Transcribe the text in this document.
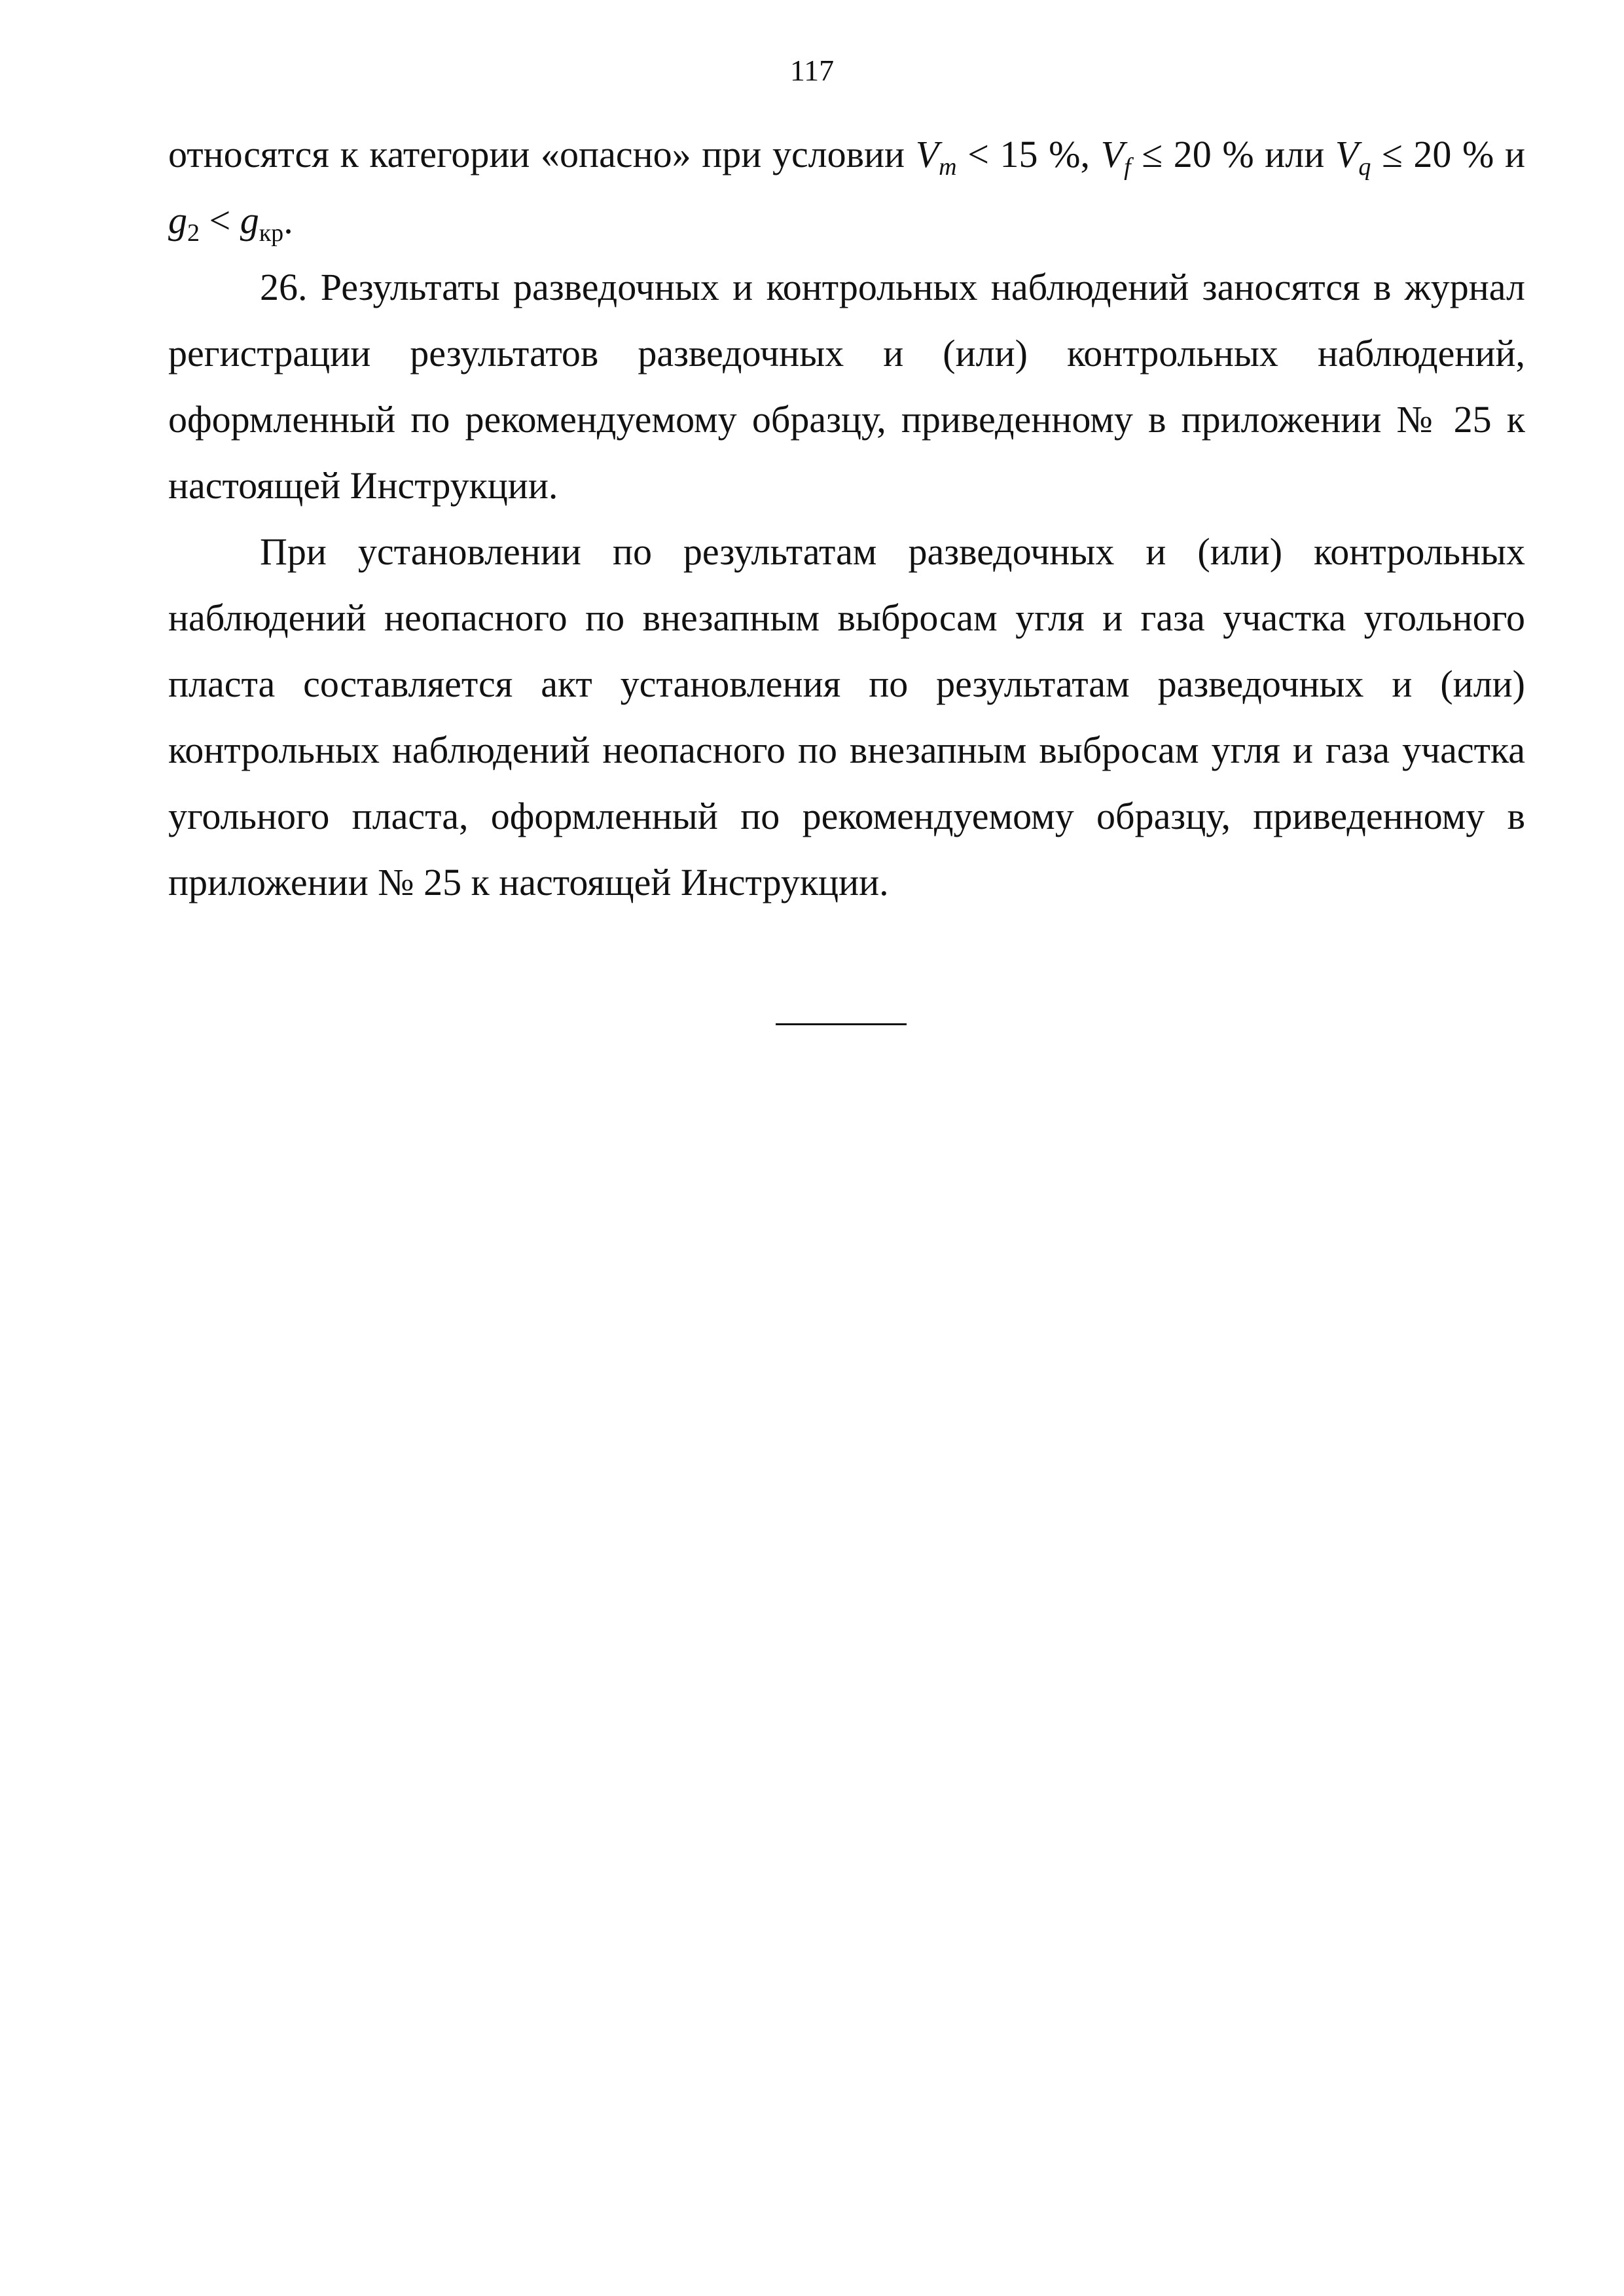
117

относятся к категории «опасно» при условии $V_m < 15$ %, $V_f \le 20$ % или $V_q \le 20$ % и $g_2 < g_{кр}$.

26. Результаты разведочных и контрольных наблюдений заносятся в журнал регистрации результатов разведочных и (или) контрольных наблюдений, оформленный по рекомендуемому образцу, приведенному в приложении № 25 к настоящей Инструкции.

При установлении по результатам разведочных и (или) контрольных наблюдений неопасного по внезапным выбросам угля и газа участка угольного пласта составляется акт установления по результатам разведочных и (или) контрольных наблюдений неопасного по внезапным выбросам угля и газа участка угольного пласта, оформленный по рекомендуемому образцу, приведенному в приложении № 25 к настоящей Инструкции.
